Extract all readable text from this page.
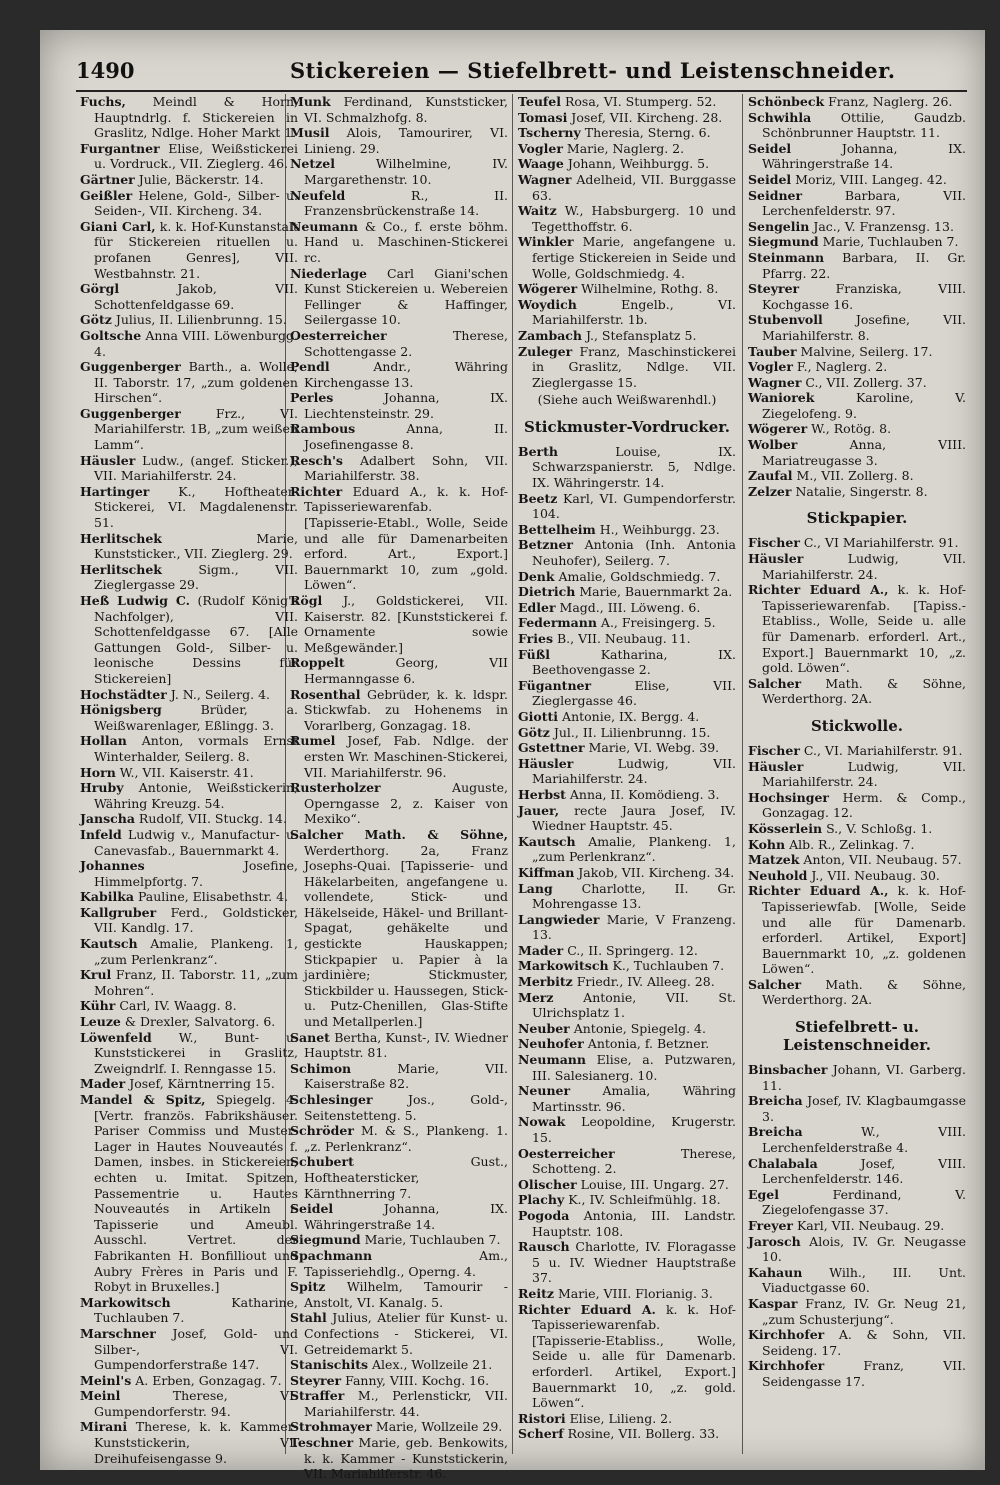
1490	Stickereien — Stiefelbrett- und Leistenschneider.

Fuchs, Meindl & Horn, Hauptndrlg. f. Stickereien in Graslitz, Ndlge. Hoher Markt 1.

Furgantner Elise, Weißstickerei u. Vordruck., VII. Zieglerg. 46.

Gärtner Julie, Bäckerstr. 14.

Geißler Helene, Gold-, Silber- u. Seiden-, VII. Kircheng. 34.

Giani Carl, k. k. Hof-Kunstanstalt für Stickereien rituellen u. profanen Genres], VII. Westbahnstr. 21.

Görgl Jakob, VII. Schottenfeldgasse 69.

Götz Julius, II. Lilienbrunng. 15.

Goltsche Anna VIII. Löwenburgg. 4.

Guggenberger Barth., a. Wolle, II. Taborstr. 17, „zum goldenen Hirschen“.

Guggenberger Frz., VI. Mariahilferstr. 1B, „zum weißen Lamm“.

Häusler Ludw., (angef. Sticker.), VII. Mariahilferstr. 24.

Hartinger K., Hoftheater-Stickerei, VI. Magdalenenstr. 51.

Herlitschek Marie, Kunststicker., VII. Zieglerg. 29.

Herlitschek Sigm., VII. Zieglergasse 29.

Heß Ludwig C. (Rudolf König's Nachfolger), VII. Schottenfeldgasse 67. [Alle Gattungen Gold-, Silber- u. leonische Dessins für Stickereien]

Hochstädter J. N., Seilerg. 4.

Hönigsberg Brüder, a. Weißwarenlager, Eßlingg. 3.

Hollan Anton, vormals Ernst Winterhalder, Seilerg. 8.

Horn W., VII. Kaiserstr. 41.

Hruby Antonie, Weißstickerin, Währing Kreuzg. 54.

Janscha Rudolf, VII. Stuckg. 14.

Infeld Ludwig v., Manufactur- u. Canevasfab., Bauernmarkt 4.

Johannes Josefine, Himmelpfortg. 7.

Kabilka Pauline, Elisabethstr. 4.

Kallgruber Ferd., Goldsticker, VII. Kandlg. 17.

Kautsch Amalie, Plankeng. 1, „zum Perlenkranz“.

Krul Franz, II. Taborstr. 11, „zum Mohren“.

Kühr Carl, IV. Waagg. 8.

Leuze & Drexler, Salvatorg. 6.

Löwenfeld W., Bunt- u. Kunststickerei in Graslitz, Zweigndrlf. I. Renngasse 15.

Mader Josef, Kärntnerring 15.

Mandel & Spitz, Spiegelg. 4. [Vertr. französ. Fabrikshäuser. Pariser Commiss und Muster-Lager in Hautes Nouveautés f. Damen, insbes. in Stickereien, echten u. Imitat. Spitzen, Passementrie u. Hautes Nouveautés in Artikeln f. Tapisserie und Ameubl. Ausschl. Vertret. der Fabrikanten H. Bonfilliout und Aubry Frères in Paris und F. Robyt in Bruxelles.]

Markowitsch Katharine, Tuchlauben 7.

Marschner Josef, Gold- und Silber-, VI. Gumpendorferstraße 147.

Meinl's A. Erben, Gonzagag. 7.

Meinl Therese, VI. Gumpendorferstr. 94.

Mirani Therese, k. k. Kammer-Kunststickerin, VI. Dreihufeisengasse 9.

Munk Ferdinand, Kunststicker, VI. Schmalzhofg. 8.

Musil Alois, Tamourirer, VI. Linieng. 29.

Netzel Wilhelmine, IV. Margarethenstr. 10.

Neufeld R., II. Franzensbrückenstraße 14.

Neumann & Co., f. erste böhm. Hand u. Maschinen-Stickerei rc.

Niederlage Carl Giani'schen Kunst Stickereien u. Webereien Fellinger & Haffinger, Seilergasse 10.

Oesterreicher Therese, Schottengasse 2.

Pendl Andr., Währing Kirchengasse 13.

Perles Johanna, IX. Liechtensteinstr. 29.

Rambous Anna, II. Josefinengasse 8.

Resch's Adalbert Sohn, VII. Mariahilferstr. 38.

Richter Eduard A., k. k. Hof-Tapisseriewarenfab. [Tapisserie-Etabl., Wolle, Seide und alle für Damenarbeiten erford. Art., Export.] Bauernmarkt 10, zum „gold. Löwen“.

Rögl J., Goldstickerei, VII. Kaiserstr. 82. [Kunststickerei f. Ornamente sowie Meßgewänder.]

Roppelt Georg, VII Hermanngasse 6.

Rosenthal Gebrüder, k. k. ldspr. Stickwfab. zu Hohenems in Vorarlberg, Gonzagag. 18.

Rumel Josef, Fab. Ndlge. der ersten Wr. Maschinen-Stickerei, VII. Mariahilferstr. 96.

Rusterholzer Auguste, Operngasse 2, z. Kaiser von Mexiko“.

Salcher Math. & Söhne, Werderthorg. 2a, Franz Josephs-Quai. [Tapisserie- und Häkelarbeiten, angefangene u. vollendete, Stick- und Häkelseide, Häkel- und Brillant-Spagat, gehäkelte und gestickte Hauskappen; Stickpapier u. Papier à la jardinière; Stickmuster, Stickbilder u. Haussegen, Stick- u. Putz-Chenillen, Glas-Stifte und Metallperlen.]

Sanet Bertha, Kunst-, IV. Wiedner Hauptstr. 81.

Schimon Marie, VII. Kaiserstraße 82.

Schlesinger Jos., Gold-, Seitenstetteng. 5.

Schröder M. & S., Plankeng. 1. „z. Perlenkranz“.

Schubert Gust., Hoftheatersticker, Kärnthnerring 7.

Seidel Johanna, IX. Währingerstraße 14.

Siegmund Marie, Tuchlauben 7.

Spachmann Am., Tapisseriehdlg., Operng. 4.

Spitz Wilhelm, Tamourir - Anstolt, VI. Kanalg. 5.

Stahl Julius, Atelier für Kunst- u. Confections - Stickerei, VI. Getreidemarkt 5.

Stanischits Alex., Wollzeile 21.

Steyrer Fanny, VIII. Kochg. 16.

Straffer M., Perlenstickr, VII. Mariahilferstr. 44.

Strohmayer Marie, Wollzeile 29.

Teschner Marie, geb. Benkowits, k. k. Kammer - Kunststickerin, VII. Mariahilferstr. 46.

Teufel Rosa, VI. Stumperg. 52.

Tomasi Josef, VII. Kircheng. 28.

Tscherny Theresia, Sterng. 6.

Vogler Marie, Naglerg. 2.

Waage Johann, Weihburgg. 5.

Wagner Adelheid, VII. Burggasse 63.

Waitz W., Habsburgerg. 10 und Tegetthoffstr. 6.

Winkler Marie, angefangene u. fertige Stickereien in Seide und Wolle, Goldschmiedg. 4.

Wögerer Wilhelmine, Rothg. 8.

Woydich Engelb., VI. Mariahilferstr. 1b.

Zambach J., Stefansplatz 5.

Zuleger Franz, Maschinstickerei in Graslitz, Ndlge. VII. Zieglergasse 15.

(Siehe auch Weißwarenhdl.)
Stickmuster-Vordrucker.

Berth Louise, IX. Schwarzspanierstr. 5, Ndlge. IX. Währingerstr. 14.

Beetz Karl, VI. Gumpendorferstr. 104.

Bettelheim H., Weihburgg. 23.

Betzner Antonia (Inh. Antonia Neuhofer), Seilerg. 7.

Denk Amalie, Goldschmiedg. 7.

Dietrich Marie, Bauernmarkt 2a.

Edler Magd., III. Löweng. 6.

Federmann A., Freisingerg. 5.

Fries B., VII. Neubaug. 11.

Füßl Katharina, IX. Beethovengasse 2.

Fügantner Elise, VII. Zieglergasse 46.

Giotti Antonie, IX. Bergg. 4.

Götz Jul., II. Lilienbrunng. 15.

Gstettner Marie, VI. Webg. 39.

Häusler Ludwig, VII. Mariahilferstr. 24.

Herbst Anna, II. Komödieng. 3.

Jauer, recte Jaura Josef, IV. Wiedner Hauptstr. 45.

Kautsch Amalie, Plankeng. 1, „zum Perlenkranz“.

Kiffman Jakob, VII. Kircheng. 34.

Lang Charlotte, II. Gr. Mohrengasse 13.

Langwieder Marie, V Franzeng. 13.

Mader C., II. Springerg. 12.

Markowitsch K., Tuchlauben 7.

Merbitz Friedr., IV. Alleeg. 28.

Merz Antonie, VII. St. Ulrichsplatz 1.

Neuber Antonie, Spiegelg. 4.

Neuhofer Antonia, f. Betzner.

Neumann Elise, a. Putzwaren, III. Salesianerg. 10.

Neuner Amalia, Währing Martinsstr. 96.

Nowak Leopoldine, Krugerstr. 15.

Oesterreicher Therese, Schotteng. 2.

Olischer Louise, III. Ungarg. 27.

Plachy K., IV. Schleifmühlg. 18.

Pogoda Antonia, III. Landstr. Hauptstr. 108.

Rausch Charlotte, IV. Floragasse 5 u. IV. Wiedner Hauptstraße 37.

Reitz Marie, VIII. Florianig. 3.

Richter Eduard A. k. k. Hof-Tapisseriewarenfab. [Tapisserie-Etabliss., Wolle, Seide u. alle für Damenarb. erforderl. Artikel, Export.] Bauernmarkt 10, „z. gold. Löwen“.

Ristori Elise, Lilieng. 2.

Scherf Rosine, VII. Bollerg. 33.

Schönbeck Franz, Naglerg. 26.

Schwihla Ottilie, Gaudzb. Schönbrunner Hauptstr. 11.

Seidel Johanna, IX. Währingerstraße 14.

Seidel Moriz, VIII. Langeg. 42.

Seidner Barbara, VII. Lerchenfelderstr. 97.

Sengelin Jac., V. Franzensg. 13.

Siegmund Marie, Tuchlauben 7.

Steinmann Barbara, II. Gr. Pfarrg. 22.

Steyrer Franziska, VIII. Kochgasse 16.

Stubenvoll Josefine, VII. Mariahilferstr. 8.

Tauber Malvine, Seilerg. 17.

Vogler F., Naglerg. 2.

Wagner C., VII. Zollerg. 37.

Waniorek Karoline, V. Ziegelofeng. 9.

Wögerer W., Rotög. 8.

Wolber Anna, VIII. Mariatreugasse 3.

Zaufal M., VII. Zollerg. 8.

Zelzer Natalie, Singerstr. 8.

Stickpapier.

Fischer C., VI Mariahilferstr. 91.

Häusler Ludwig, VII. Mariahilferstr. 24.

Richter Eduard A., k. k. Hof-Tapisseriewarenfab. [Tapiss.-Etabliss., Wolle, Seide u. alle für Damenarb. erforderl. Art., Export.] Bauernmarkt 10, „z. gold. Löwen“.

Salcher Math. & Söhne, Werderthorg. 2A.

Stickwolle.

Fischer C., VI. Mariahilferstr. 91.

Häusler Ludwig, VII. Mariahilferstr. 24.

Hochsinger Herm. & Comp., Gonzagag. 12.

Kösserlein S., V. Schloßg. 1.

Kohn Alb. R., Zelinkag. 7.

Matzek Anton, VII. Neubaug. 57.

Neuhold J., VII. Neubaug. 30.

Richter Eduard A., k. k. Hof-Tapisseriewfab. [Wolle, Seide und alle für Damenarb. erforderl. Artikel, Export] Bauernmarkt 10, „z. goldenen Löwen“.

Salcher Math. & Söhne, Werderthorg. 2A.

Stiefelbrett- u. Leistenschneider.

Binsbacher Johann, VI. Garberg. 11.

Breicha Josef, IV. Klagbaumgasse 3.

Breicha W., VIII. Lerchenfelderstraße 4.

Chalabala Josef, VIII. Lerchenfelderstr. 146.

Egel Ferdinand, V. Ziegelofengasse 37.

Freyer Karl, VII. Neubaug. 29.

Jarosch Alois, IV. Gr. Neugasse 10.

Kahaun Wilh., III. Unt. Viaductgasse 60.

Kaspar Franz, IV. Gr. Neug 21, „zum Schusterjung“.

Kirchhofer A. & Sohn, VII. Seideng. 17.

Kirchhofer Franz, VII. Seidengasse 17.
